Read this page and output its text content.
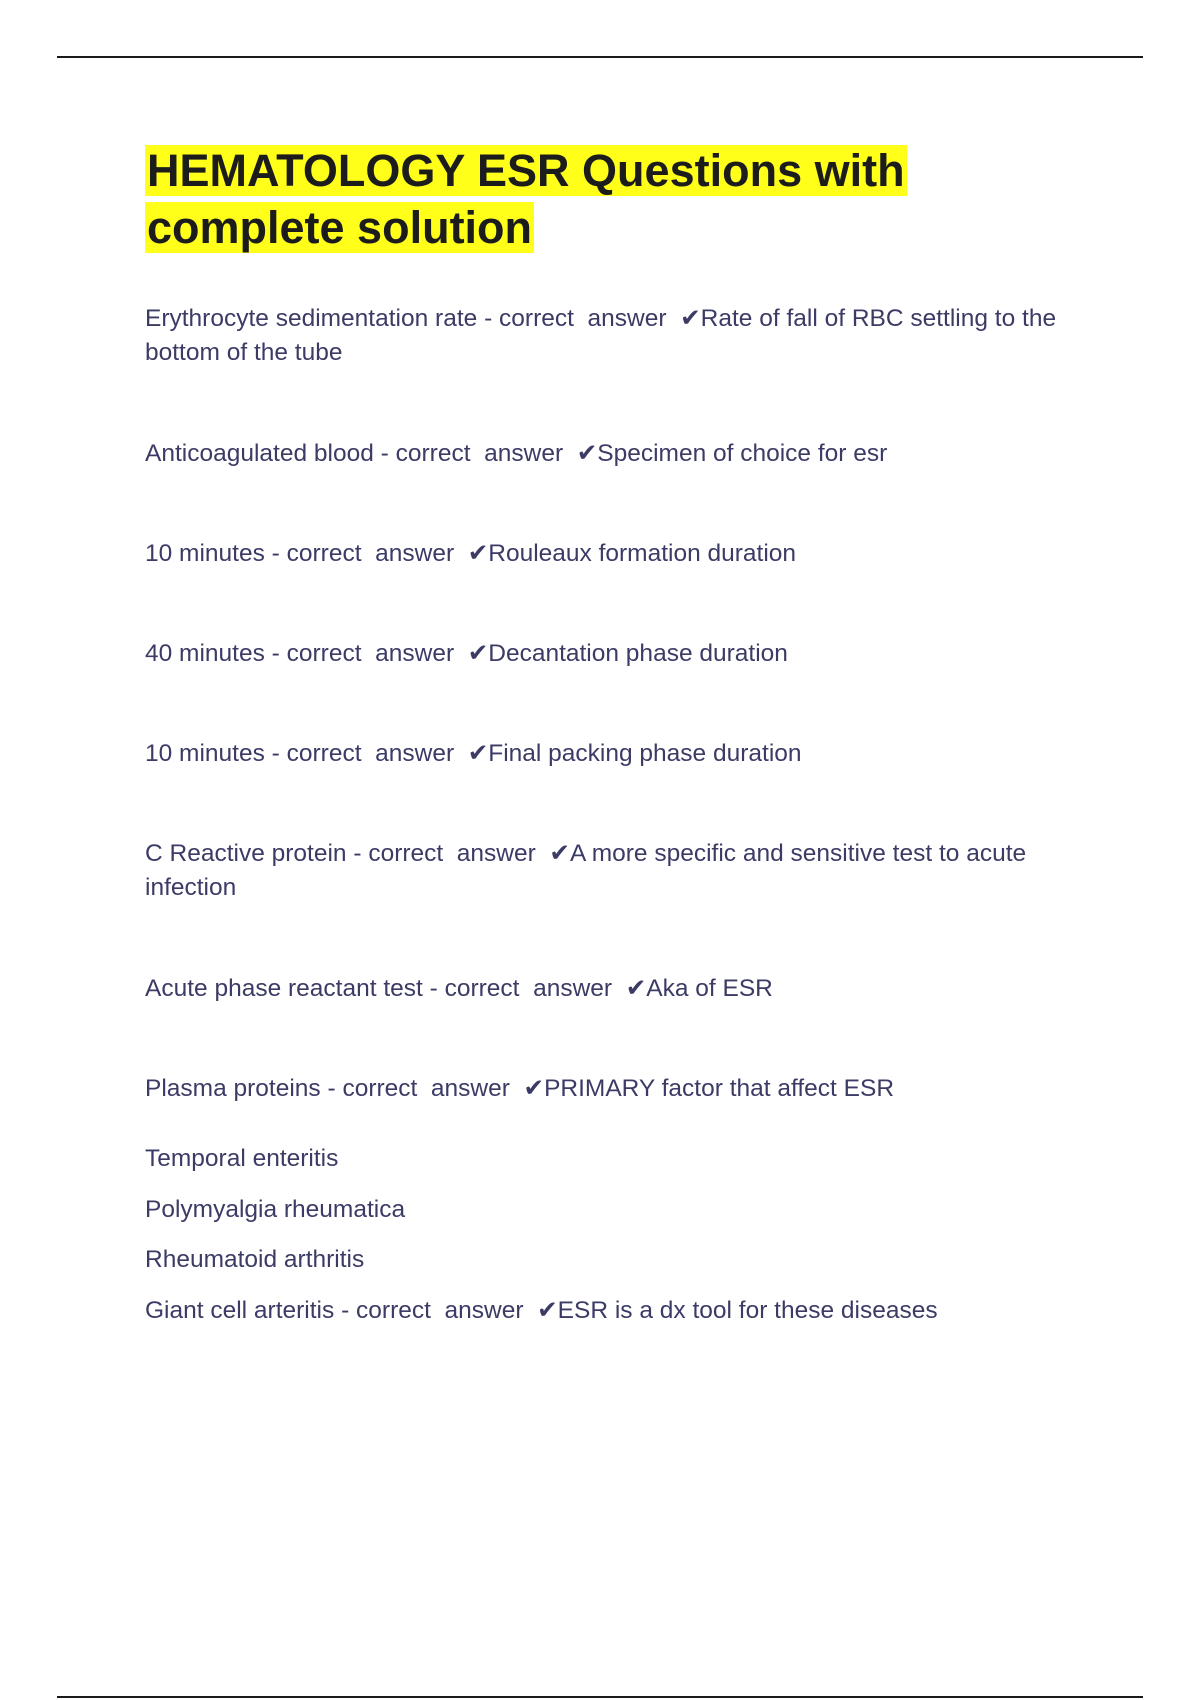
HEMATOLOGY ESR Questions with complete solution

Erythrocyte sedimentation rate - correct  answer  ✔Rate of fall of RBC settling to the bottom of the tube

Anticoagulated blood - correct  answer  ✔Specimen of choice for esr

10 minutes - correct  answer  ✔Rouleaux formation duration

40 minutes - correct  answer  ✔Decantation phase duration

10 minutes - correct  answer  ✔Final packing phase duration

C Reactive protein - correct  answer  ✔A more specific and sensitive test to acute infection

Acute phase reactant test - correct  answer  ✔Aka of ESR

Plasma proteins - correct  answer  ✔PRIMARY factor that affect ESR

Temporal enteritis
Polymyalgia rheumatica
Rheumatoid arthritis
Giant cell arteritis - correct  answer  ✔ESR is a dx tool for these diseases
